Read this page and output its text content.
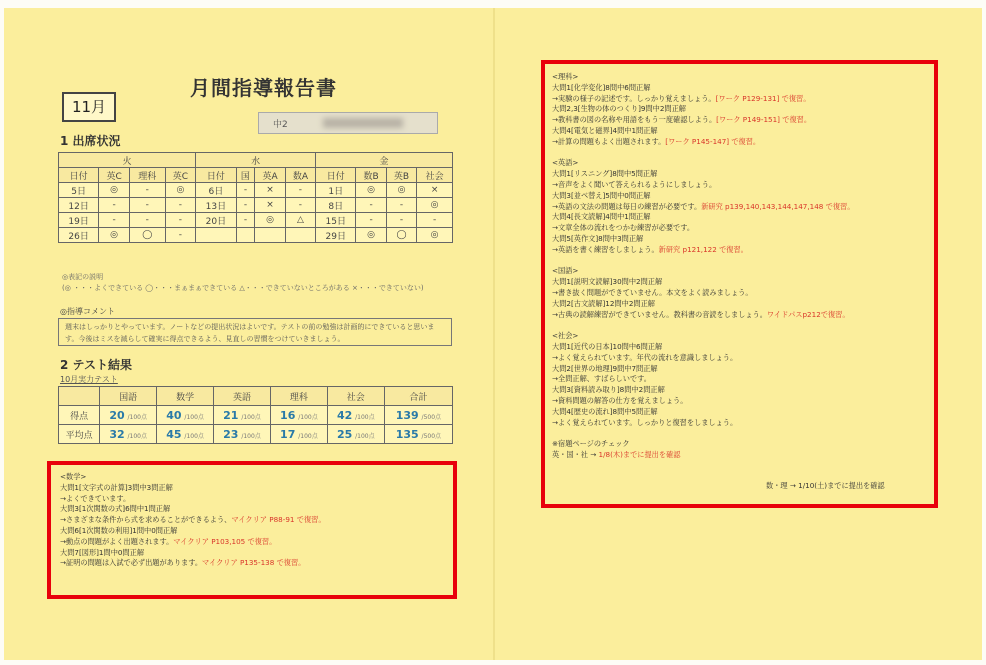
月間指導報告書
11月
中2
1 出席状況
火				水				金			
日付	英C	理科	英C	日付	国	英A	数A	日付	数B	英B	社会
5日	◎	-	◎	6日	-	×	-	1日	◎	◎	×
12日	-	-	-	13日	-	×	-	8日	-	-	◎
19日	-	-	-	20日	-	◎	△	15日	-	-	-
26日	◎	◯	-					29日	◎	◯	◎
◎表記の説明
(◎ ・・・よくできている ◯・・・まぁまぁできている △・・・できていないところがある ×・・・できていない)
◎指導コメント
週末はしっかりとやっています。ノートなどの提出状況はよいです。テストの前の勉強は計画的にできていると思います。今後はミスを減らして確実に得点できるよう、見直しの習慣をつけていきましょう。
2 テスト結果
10月実力テスト
	国語	数学	英語	理科	社会	合計
得点	20 /100点	40 /100点	21 /100点	16 /100点	42 /100点	139 /500点
平均点	32 /100点	45 /100点	23 /100点	17 /100点	25 /100点	135 /500点
<数学>
大問1[文字式の計算]3問中3問正解
→よくできています。
大問3[1次関数の式]6問中1問正解
→さまざまな条件から式を求めることができるよう、マイクリア P88-91 で復習。
大問6[1次関数の利用]1問中0問正解
→動点の問題がよく出題されます。マイクリア P103,105 で復習。
大問7[図形]1問中0問正解
→証明の問題は入試で必ず出題があります。マイクリア P135-138 で復習。
<理科>
大問1[化学変化]8問中6問正解
→実験の様子の記述です。しっかり覚えましょう。[ワーク P129-131] で復習。
大問2,3[生物の体のつくり]9問中2問正解
→教科書の図の名称や用語をもう一度確認しよう。[ワーク P149-151] で復習。
大問4[電気と磁界]4問中1問正解
→計算の問題もよく出題されます。[ワーク P145-147] で復習。

<英語>
大問1[リスニング]8問中5問正解
→音声をよく聞いて答えられるようにしましょう。
大問3[並べ替え]5問中0問正解
→英語の文法の問題は毎日の練習が必要です。新研究 p139,140,143,144,147,148 で復習。
大問4[長文読解]4問中1問正解
→文章全体の流れをつかむ練習が必要です。
大問5[英作文]8問中3問正解
→英語を書く練習をしましょう。新研究 p121,122 で復習。

<国語>
大問1[説明文読解]30問中2問正解
→書き抜く問題ができていません。本文をよく読みましょう。
大問2[古文読解]12問中2問正解
→古典の読解練習ができていません。教科書の音読をしましょう。ワイドパスp212で復習。

<社会>
大問1[近代の日本]10問中6問正解
→よく覚えられています。年代の流れを意識しましょう。
大問2[世界の地理]9問中7問正解
→全問正解、すばらしいです。
大問3[資料読み取り]8問中2問正解
→資料問題の解答の仕方を覚えましょう。
大問4[歴史の流れ]8問中5問正解
→よく覚えられています。しっかりと復習をしましょう。

※宿題ページのチェック
英・国・社 → 1/8(木)までに提出を確認

数・理 → 1/10(土)までに提出を確認
